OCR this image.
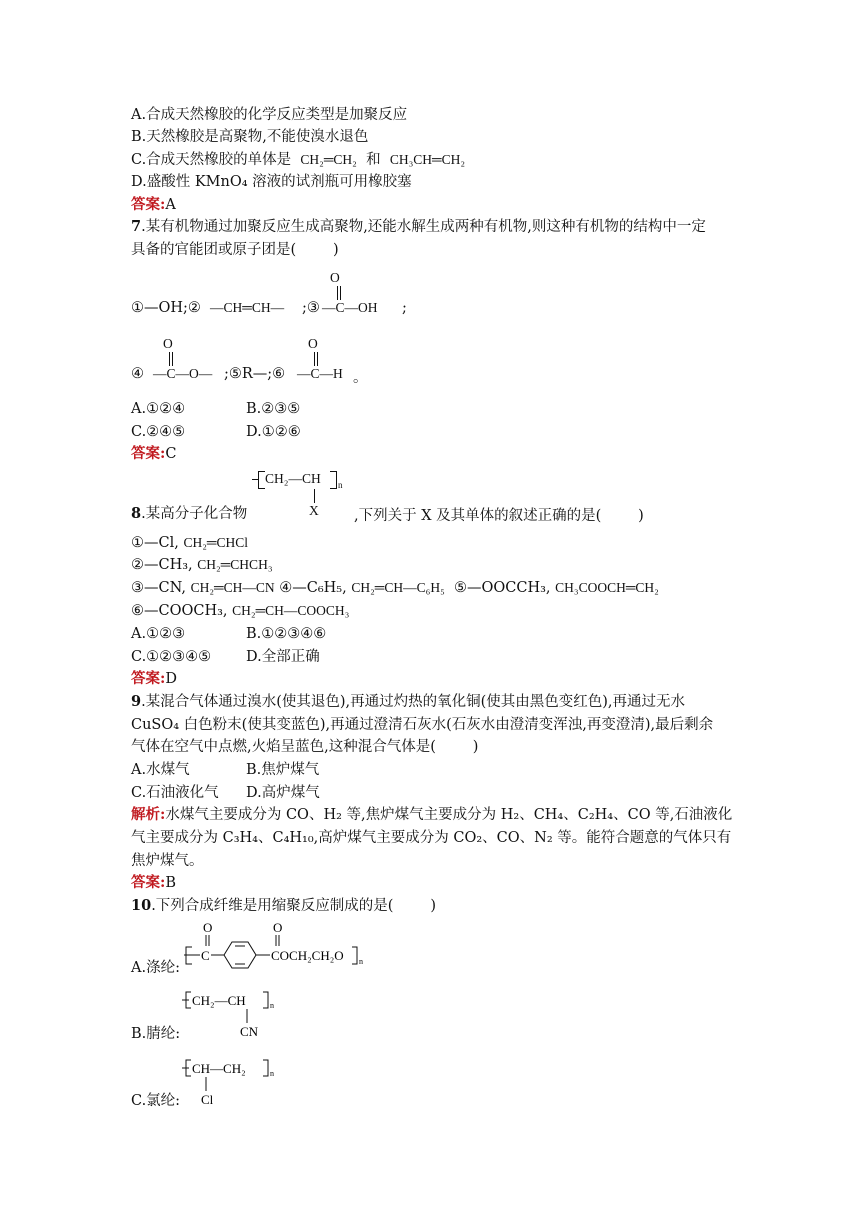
A.合成天然橡胶的化学反应类型是加聚反应
B.天然橡胶是高聚物,不能使溴水退色
C.合成天然橡胶的单体是 CH₂═CH₂ 和 CH₃CH═CH₂
D.盛酸性 KMnO₄ 溶液的试剂瓶可用橡胶塞
答案:A
7.某有机物通过加聚反应生成高聚物,还能水解生成两种有机物,则这种有机物的结构中一定
具备的官能团或原子团是(        )
①—OH;② —CH═CH— ;③
O
—C—OH ;
④
O
—C—O— ;⑤R—;⑥
O
—C—H 。
A.①②④	B.②③⑤
C.②④⑤	D.①②⑥
答案:C
CH₂—CH n
X
8.某高分子化合物	,下列关于 X 及其单体的叙述正确的是(        )
①—Cl, CH₂═CHCl
②—CH₃, CH₂═CHCH₃
③—CN, CH₂═CH—CN ④—C₆H₅, CH₂═CH—C₆H₅ ⑤—OOCCH₃, CH₃COOCH═CH₂
⑥—COOCH₃, CH₂═CH—COOCH₃
A.①②③	B.①②③④⑥
C.①②③④⑤ D.全部正确
答案:D
9.某混合气体通过溴水(使其退色),再通过灼热的氧化铜(使其由黑色变红色),再通过无水
CuSO₄ 白色粉末(使其变蓝色),再通过澄清石灰水(石灰水由澄清变浑浊,再变澄清),最后剩余
气体在空气中点燃,火焰呈蓝色,这种混合气体是(        )
A.水煤气	B.焦炉煤气
C.石油液化气 D.高炉煤气
解析:水煤气主要成分为 CO、H₂ 等,焦炉煤气主要成分为 H₂、CH₄、C₂H₄、CO 等,石油液化
气主要成分为 C₃H₄、C₄H₁₀,高炉煤气主要成分为 CO₂、CO、N₂ 等。能符合题意的气体只有
焦炉煤气。
答案:B
10.下列合成纤维是用缩聚反应制成的是(        )
A.涤纶:
O
C
O
COCH₂CH₂O n
B.腈纶:
CH₂—CH	n
CN
C.氯纶:
CH—CH₂	n
Cl
